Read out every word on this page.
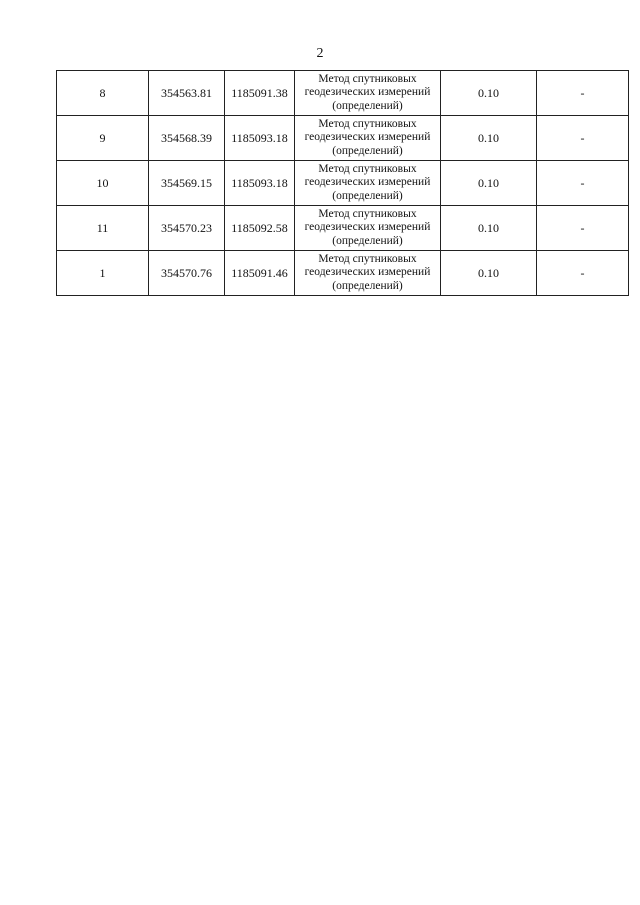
2
8	354563.81	1185091.38	Метод спутниковых геодезических измерений (определений)	0.10	-
9	354568.39	1185093.18	Метод спутниковых геодезических измерений (определений)	0.10	-
10	354569.15	1185093.18	Метод спутниковых геодезических измерений (определений)	0.10	-
11	354570.23	1185092.58	Метод спутниковых геодезических измерений (определений)	0.10	-
1	354570.76	1185091.46	Метод спутниковых геодезических измерений (определений)	0.10	-
